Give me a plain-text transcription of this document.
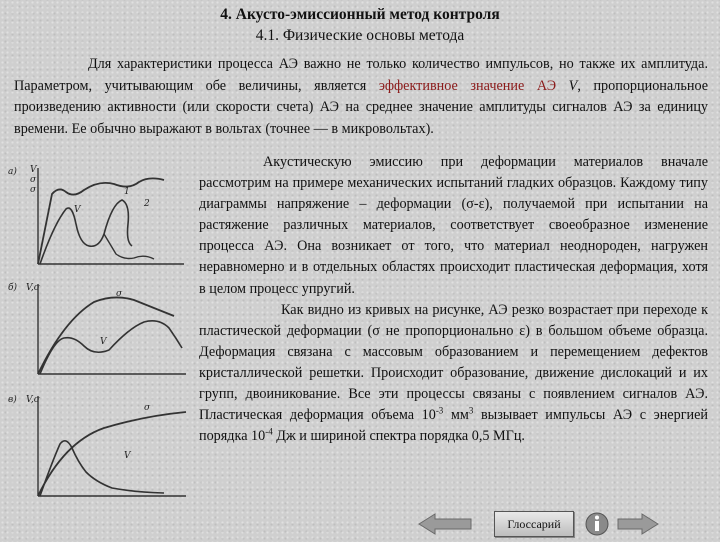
4. Акусто-эмиссионный метод контроля
4.1. Физические основы метода

Для характеристики процесса АЭ важно не только количество импульсов, но также их амплитуда. Параметром, учитывающим обе величины, является эффективное значение АЭ V, пропорциональное произведению активности (или скорости счета) АЭ на среднее значение амплитуды сигналов АЭ за единицу времени. Ее обычно выражают в вольтах (точнее — в микровольтах).

а) V
σ
σ
V
1
2
б) V,σ
σ
V
в) V,σ
σ
V

Акустическую эмиссию при деформации материалов вначале рассмотрим на примере механических испытаний гладких образцов. Каждому типу диаграммы напряжение – деформации (σ-ε), получаемой при испытании на растяжение различных материалов, соответствует своеобразное изменение процесса АЭ. Она возникает от того, что материал неоднороден, нагружен неравномерно и в отдельных областях происходит пластическая деформация, хотя в целом процесс упругий.

Как видно из кривых на рисунке, АЭ резко возрастает при переходе к пластической деформации (σ не пропорционально ε) в большом объеме образца. Деформация связана с массовым образованием и перемещением дефектов кристаллической решетки. Происходит образование, движение дислокаций и их групп, двоиникование. Все эти процессы связаны с появлением сигналов АЭ. Пластическая деформация объема $10^{-3}$ $мм^3$ вызывает импульсы АЭ с энергией порядка $10^{-4}$ Дж и шириной спектра порядка 0,5 МГц.

Глоссарий
